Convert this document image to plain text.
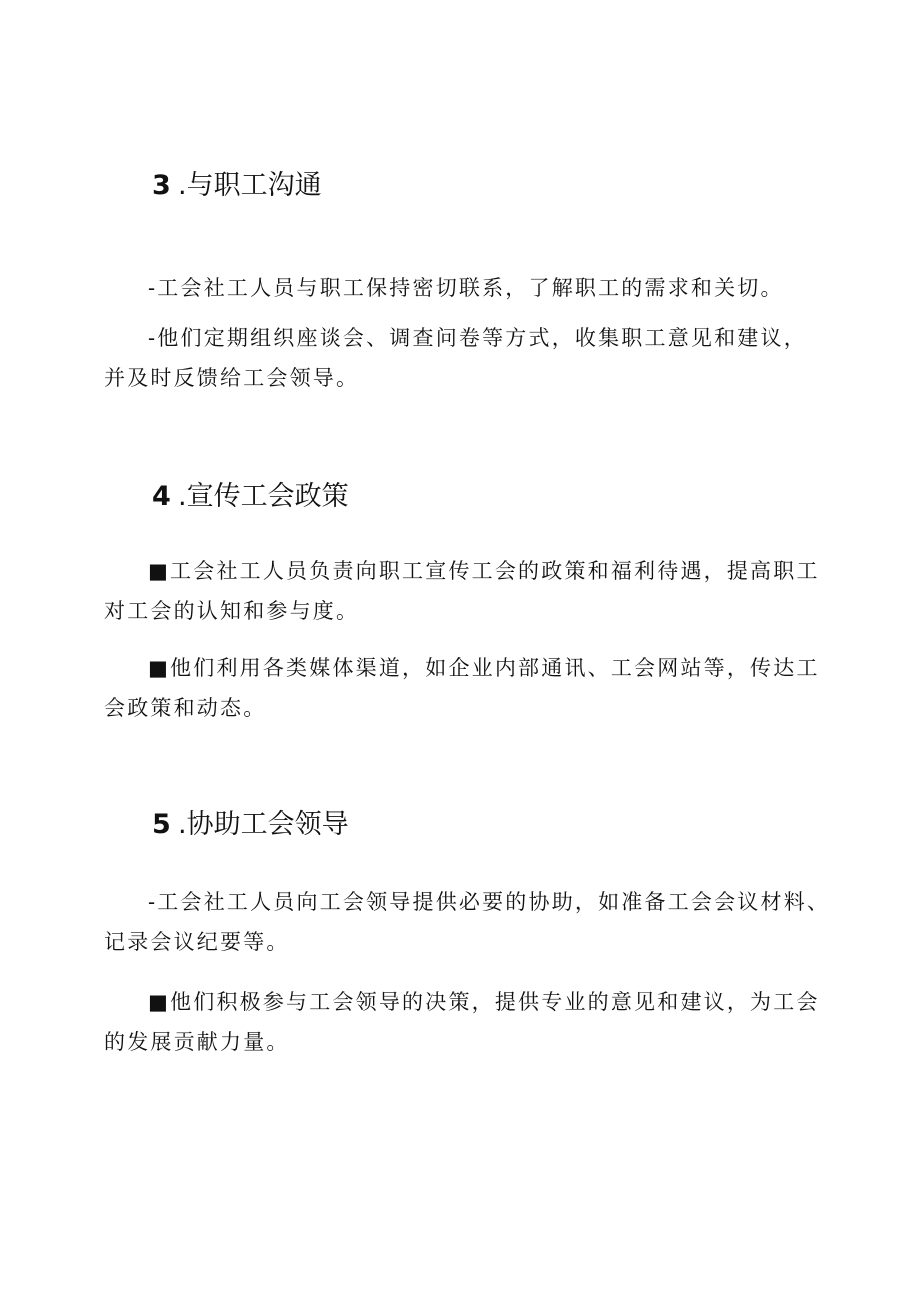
3 .与职工沟通
-工会社工人员与职工保持密切联系，了解职工的需求和关切。
-他们定期组织座谈会、调查问卷等方式，收集职工意见和建议，
并及时反馈给工会领导。
4 .宣传工会政策
■工会社工人员负责向职工宣传工会的政策和福利待遇，提高职工
对工会的认知和参与度。
■他们利用各类媒体渠道，如企业内部通讯、工会网站等，传达工
会政策和动态。
5 .协助工会领导
-工会社工人员向工会领导提供必要的协助，如准备工会会议材料、
记录会议纪要等。
■他们积极参与工会领导的决策，提供专业的意见和建议，为工会
的发展贡献力量。
